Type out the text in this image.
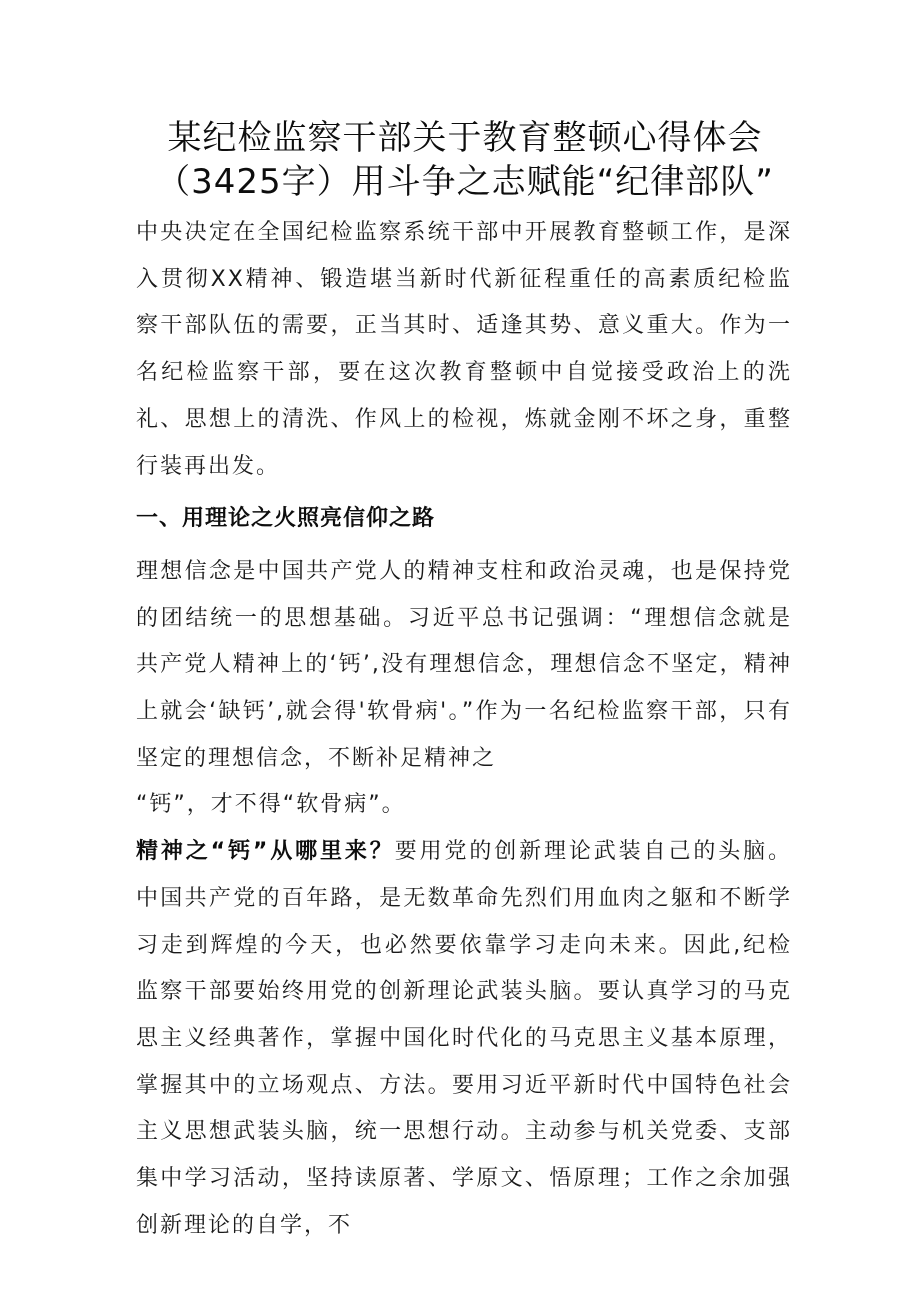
某纪检监察干部关于教育整顿心得体会（3425字）用斗争之志赋能“纪律部队”

中央决定在全国纪检监察系统干部中开展教育整顿工作，是深入贯彻XX精神、锻造堪当新时代新征程重任的高素质纪检监察干部队伍的需要，正当其时、适逢其势、意义重大。作为一名纪检监察干部，要在这次教育整顿中自觉接受政治上的洗礼、思想上的清洗、作风上的检视，炼就金刚不坏之身，重整行装再出发。

一、用理论之火照亮信仰之路

理想信念是中国共产党人的精神支柱和政治灵魂，也是保持党的团结统一的思想基础。习近平总书记强调：“理想信念就是共产党人精神上的‘钙’,没有理想信念，理想信念不坚定，精神上就会‘缺钙’,就会得'软骨病'。”作为一名纪检监察干部，只有坚定的理想信念，不断补足精神之

“钙”，才不得“软骨病”。

精神之“钙”从哪里来？要用党的创新理论武装自己的头脑。中国共产党的百年路，是无数革命先烈们用血肉之躯和不断学习走到辉煌的今天，也必然要依靠学习走向未来。因此,纪检监察干部要始终用党的创新理论武装头脑。要认真学习的马克思主义经典著作，掌握中国化时代化的马克思主义基本原理，掌握其中的立场观点、方法。要用习近平新时代中国特色社会主义思想武装头脑，统一思想行动。主动参与机关党委、支部集中学习活动，坚持读原著、学原文、悟原理；工作之余加强创新理论的自学，不
